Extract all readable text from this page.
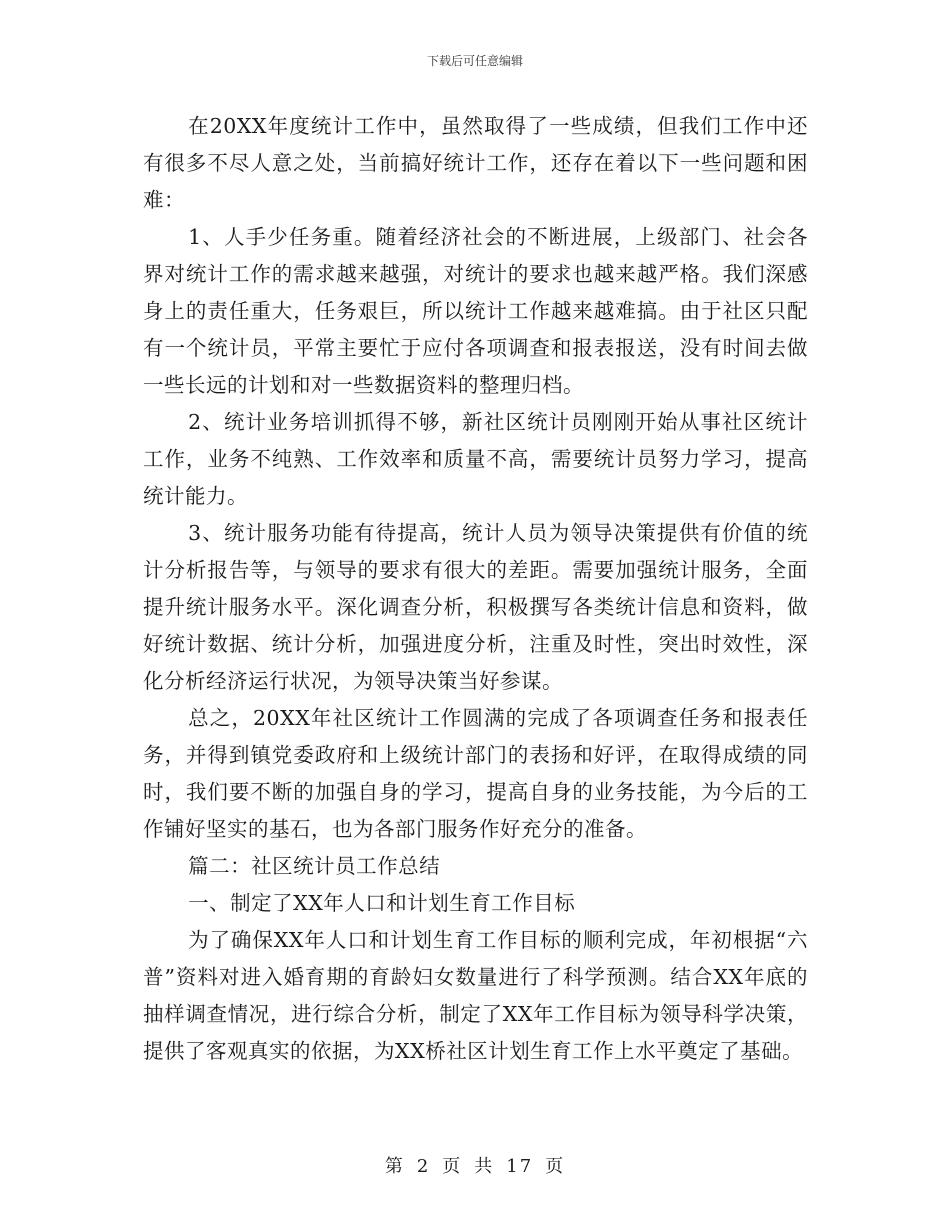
下载后可任意编辑

在20XX年度统计工作中，虽然取得了一些成绩，但我们工作中还有很多不尽人意之处，当前搞好统计工作，还存在着以下一些问题和困难：

1、人手少任务重。随着经济社会的不断进展，上级部门、社会各界对统计工作的需求越来越强，对统计的要求也越来越严格。我们深感身上的责任重大，任务艰巨，所以统计工作越来越难搞。由于社区只配有一个统计员，平常主要忙于应付各项调查和报表报送，没有时间去做一些长远的计划和对一些数据资料的整理归档。

2、统计业务培训抓得不够，新社区统计员刚刚开始从事社区统计工作，业务不纯熟、工作效率和质量不高，需要统计员努力学习，提高统计能力。

3、统计服务功能有待提高，统计人员为领导决策提供有价值的统计分析报告等，与领导的要求有很大的差距。需要加强统计服务，全面提升统计服务水平。深化调查分析，积极撰写各类统计信息和资料，做好统计数据、统计分析，加强进度分析，注重及时性，突出时效性，深化分析经济运行状况，为领导决策当好参谋。

总之，20XX年社区统计工作圆满的完成了各项调查任务和报表任务，并得到镇党委政府和上级统计部门的表扬和好评，在取得成绩的同时，我们要不断的加强自身的学习，提高自身的业务技能，为今后的工作铺好坚实的基石，也为各部门服务作好充分的准备。

篇二：社区统计员工作总结

一、制定了XX年人口和计划生育工作目标

为了确保XX年人口和计划生育工作目标的顺利完成，年初根据“六普”资料对进入婚育期的育龄妇女数量进行了科学预测。结合XX年底的抽样调查情况，进行综合分析，制定了XX年工作目标为领导科学决策，提供了客观真实的依据，为XX桥社区计划生育工作上水平奠定了基础。

第 2 页 共 17 页
